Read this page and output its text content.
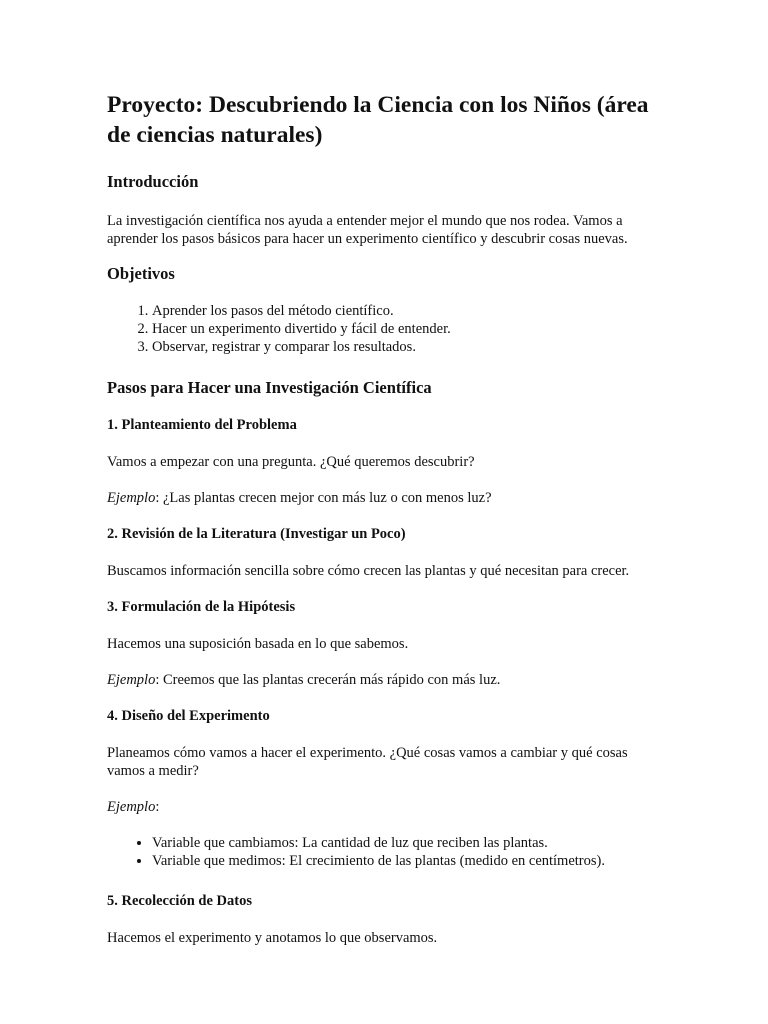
Proyecto: Descubriendo la Ciencia con los Niños (área de ciencias naturales)
Introducción

La investigación científica nos ayuda a entender mejor el mundo que nos rodea. Vamos a aprender los pasos básicos para hacer un experimento científico y descubrir cosas nuevas.

Objetivos
1. Aprender los pasos del método científico.
2. Hacer un experimento divertido y fácil de entender.
3. Observar, registrar y comparar los resultados.
Pasos para Hacer una Investigación Científica
1. Planteamiento del Problema

Vamos a empezar con una pregunta. ¿Qué queremos descubrir?

Ejemplo: ¿Las plantas crecen mejor con más luz o con menos luz?

2. Revisión de la Literatura (Investigar un Poco)

Buscamos información sencilla sobre cómo crecen las plantas y qué necesitan para crecer.

3. Formulación de la Hipótesis

Hacemos una suposición basada en lo que sabemos.

Ejemplo: Creemos que las plantas crecerán más rápido con más luz.

4. Diseño del Experimento

Planeamos cómo vamos a hacer el experimento. ¿Qué cosas vamos a cambiar y qué cosas vamos a medir?

Ejemplo:

• Variable que cambiamos: La cantidad de luz que reciben las plantas.
• Variable que medimos: El crecimiento de las plantas (medido en centímetros).
5. Recolección de Datos

Hacemos el experimento y anotamos lo que observamos.
